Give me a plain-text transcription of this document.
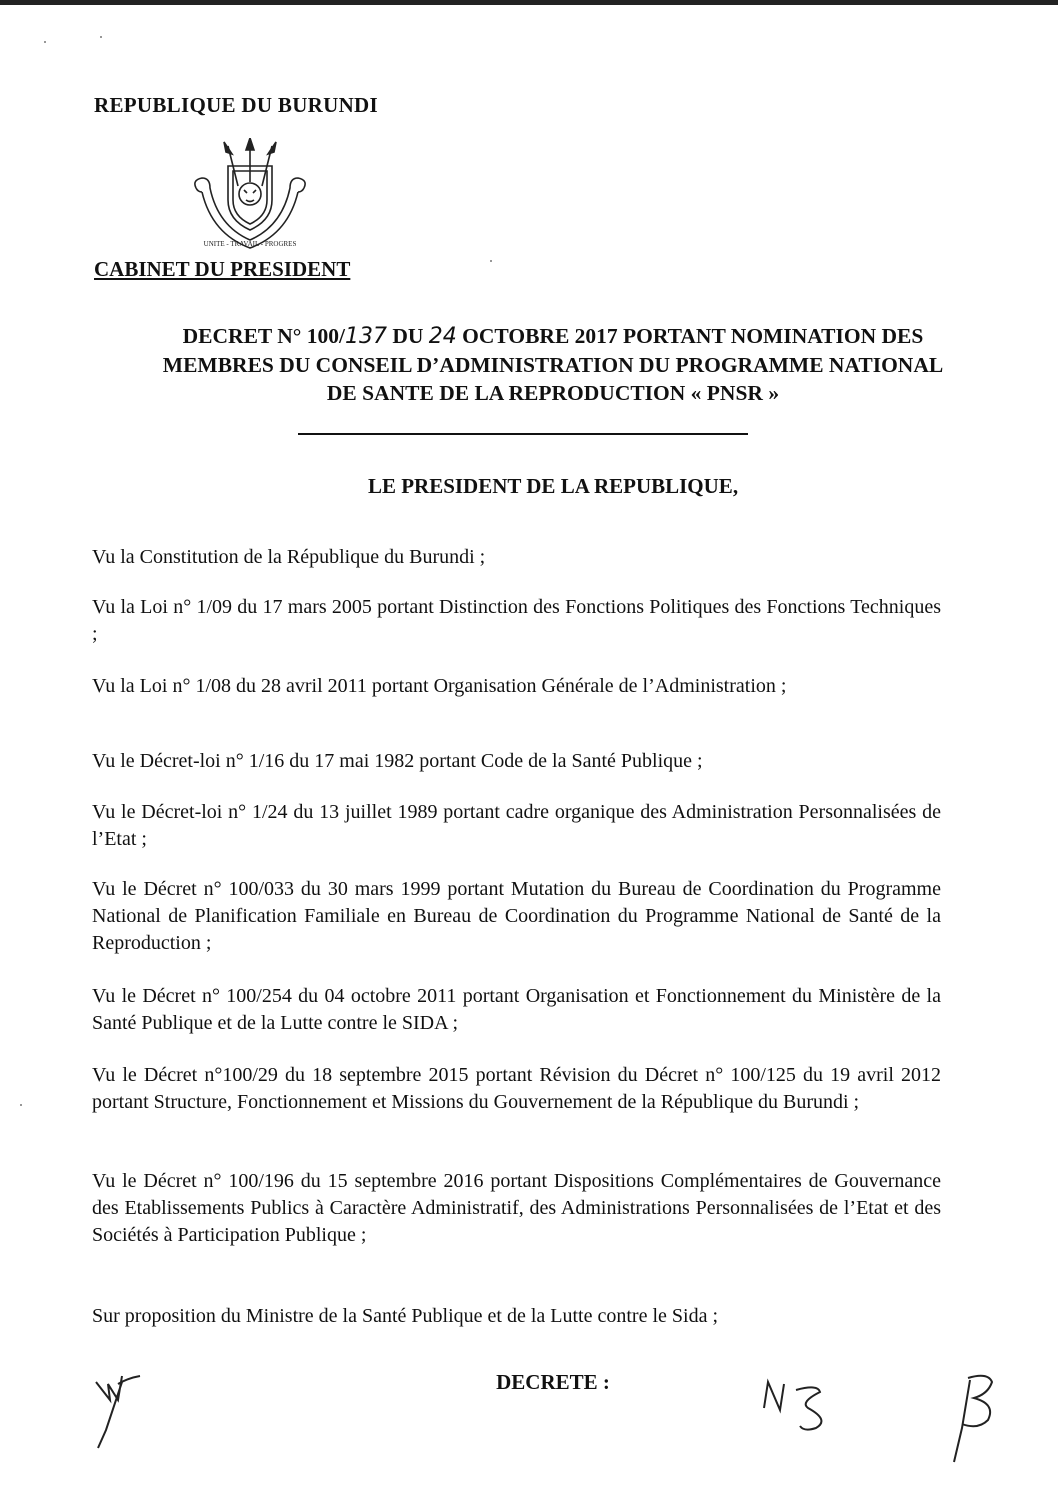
REPUBLIQUE DU BURUNDI
UNITE - TRAVAIL - PROGRES
CABINET DU PRESIDENT
DECRET N° 100/137 DU 24 OCTOBRE 2017 PORTANT NOMINATION DES
MEMBRES DU CONSEIL D’ADMINISTRATION DU PROGRAMME NATIONAL
DE SANTE DE LA REPRODUCTION « PNSR »
LE PRESIDENT DE LA REPUBLIQUE,
Vu la Constitution de la République du Burundi ;
Vu la Loi n° 1/09 du 17 mars 2005 portant Distinction des Fonctions Politiques des Fonctions Techniques ;
Vu la Loi n° 1/08 du 28 avril 2011 portant Organisation Générale de l’Administration ;
Vu le Décret-loi n° 1/16 du 17 mai 1982 portant Code de la Santé Publique ;
Vu le Décret-loi n° 1/24 du 13 juillet 1989 portant cadre organique des Administration Personnalisées de l’Etat ;
Vu le Décret n° 100/033 du 30 mars 1999 portant Mutation du Bureau de Coordination du Programme National de Planification Familiale en Bureau de Coordination du Programme National de Santé de la Reproduction ;
Vu le Décret n° 100/254 du 04 octobre 2011 portant Organisation et Fonctionnement du Ministère de la Santé Publique et de la Lutte contre le SIDA ;
Vu le Décret n°100/29 du 18 septembre 2015 portant Révision du Décret n° 100/125 du 19 avril 2012 portant Structure, Fonctionnement et Missions du Gouvernement de la République du Burundi ;
Vu le Décret n° 100/196 du 15 septembre 2016 portant Dispositions Complémentaires de Gouvernance des Etablissements Publics à Caractère Administratif, des Administrations Personnalisées de l’Etat et des Sociétés à Participation Publique ;
Sur proposition du Ministre de la Santé Publique et de la Lutte contre le Sida ;
DECRETE :
